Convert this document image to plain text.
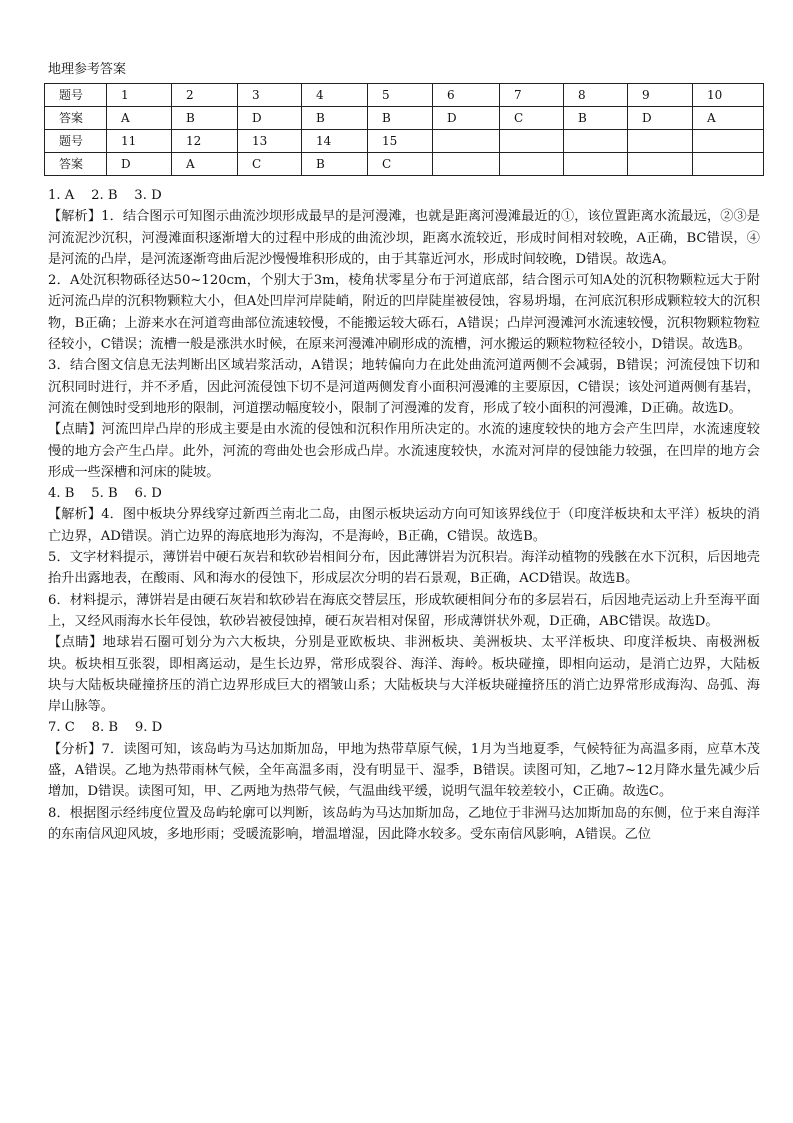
地理参考答案
题号	1	2	3	4	5	6	7	8	9	10
答案	A	B	D	B	B	D	C	B	D	A
题号	11	12	13	14	15					
答案	D	A	C	B	C					

1. A    2. B    3. D

【解析】1．结合图示可知图示曲流沙坝形成最早的是河漫滩，也就是距离河漫滩最近的①，该位置距离水流最远，②③是河流泥沙沉积，河漫滩面积逐渐增大的过程中形成的曲流沙坝，距离水流较近，形成时间相对较晚，A正确，BC错误，④是河流的凸岸，是河流逐渐弯曲后泥沙慢慢堆积形成的，由于其靠近河水，形成时间较晚，D错误。故选A。

2．A处沉积物砾径达50~120cm，个别大于3m，棱角状零星分布于河道底部，结合图示可知A处的沉积物颗粒远大于附近河流凸岸的沉积物颗粒大小，但A处凹岸河岸陡峭，附近的凹岸陡崖被侵蚀，容易坍塌，在河底沉积形成颗粒较大的沉积物，B正确；上游来水在河道弯曲部位流速较慢，不能搬运较大砾石，A错误；凸岸河漫滩河水流速较慢，沉积物颗粒物粒径较小，C错误；流槽一般是涨洪水时候，在原来河漫滩冲刷形成的流槽，河水搬运的颗粒物粒径较小，D错误。故选B。

3．结合图文信息无法判断出区域岩浆活动，A错误；地转偏向力在此处曲流河道两侧不会减弱，B错误；河流侵蚀下切和沉积同时进行，并不矛盾，因此河流侵蚀下切不是河道两侧发育小面积河漫滩的主要原因，C错误；该处河道两侧有基岩，河流在侧蚀时受到地形的限制，河道摆动幅度较小，限制了河漫滩的发育，形成了较小面积的河漫滩，D正确。故选D。

【点睛】河流凹岸凸岸的形成主要是由水流的侵蚀和沉积作用所决定的。水流的速度较快的地方会产生凹岸，水流速度较慢的地方会产生凸岸。此外，河流的弯曲处也会形成凸岸。水流速度较快，水流对河岸的侵蚀能力较强，在凹岸的地方会形成一些深槽和河床的陡坡。

4. B    5. B    6. D

【解析】4．图中板块分界线穿过新西兰南北二岛，由图示板块运动方向可知该界线位于（印度洋板块和太平洋）板块的消亡边界，AD错误。消亡边界的海底地形为海沟，不是海岭，B正确，C错误。故选B。

5．文字材料提示，薄饼岩中硬石灰岩和软砂岩相间分布，因此薄饼岩为沉积岩。海洋动植物的残骸在水下沉积，后因地壳抬升出露地表，在酸雨、风和海水的侵蚀下，形成层次分明的岩石景观，B正确，ACD错误。故选B。

6．材料提示，薄饼岩是由硬石灰岩和软砂岩在海底交替层压，形成软硬相间分布的多层岩石，后因地壳运动上升至海平面上，又经风雨海水长年侵蚀，软砂岩被侵蚀掉，硬石灰岩相对保留，形成薄饼状外观，D正确，ABC错误。故选D。

【点睛】地球岩石圈可划分为六大板块，分别是亚欧板块、非洲板块、美洲板块、太平洋板块、印度洋板块、南极洲板块。板块相互张裂，即相离运动，是生长边界，常形成裂谷、海洋、海岭。板块碰撞，即相向运动，是消亡边界，大陆板块与大陆板块碰撞挤压的消亡边界形成巨大的褶皱山系；大陆板块与大洋板块碰撞挤压的消亡边界常形成海沟、岛弧、海岸山脉等。

7. C    8. B    9. D

【分析】7．读图可知，该岛屿为马达加斯加岛，甲地为热带草原气候，1月为当地夏季，气候特征为高温多雨，应草木茂盛，A错误。乙地为热带雨林气候，全年高温多雨，没有明显干、湿季，B错误。读图可知，乙地7~12月降水量先减少后增加，D错误。读图可知，甲、乙两地为热带气候，气温曲线平缓，说明气温年较差较小，C正确。故选C。

8．根据图示经纬度位置及岛屿轮廓可以判断，该岛屿为马达加斯加岛，乙地位于非洲马达加斯加岛的东侧，位于来自海洋的东南信风迎风坡，多地形雨；受暖流影响，增温增湿，因此降水较多。受东南信风影响，A错误。乙位
